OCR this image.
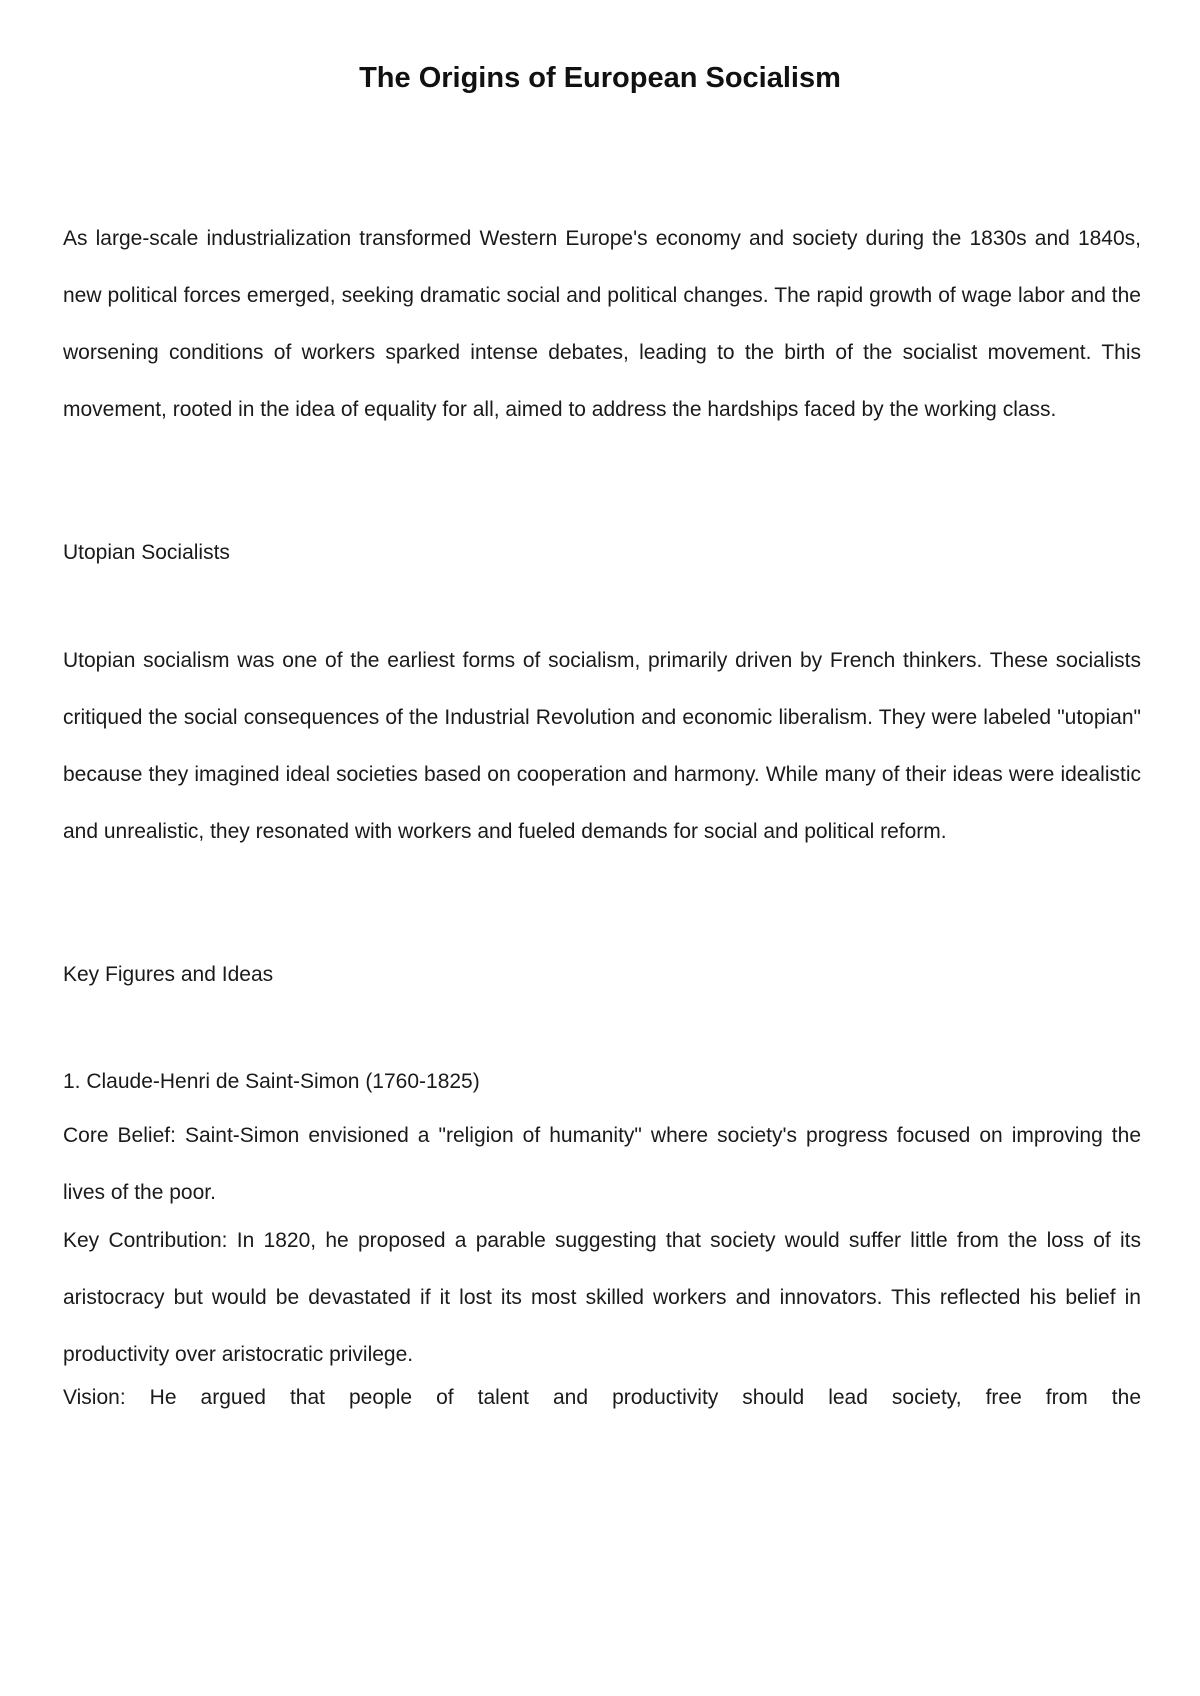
The Origins of European Socialism

As large-scale industrialization transformed Western Europe's economy and society during the 1830s and 1840s, new political forces emerged, seeking dramatic social and political changes. The rapid growth of wage labor and the worsening conditions of workers sparked intense debates, leading to the birth of the socialist movement. This movement, rooted in the idea of equality for all, aimed to address the hardships faced by the working class.

Utopian Socialists

Utopian socialism was one of the earliest forms of socialism, primarily driven by French thinkers. These socialists critiqued the social consequences of the Industrial Revolution and economic liberalism. They were labeled "utopian" because they imagined ideal societies based on cooperation and harmony. While many of their ideas were idealistic and unrealistic, they resonated with workers and fueled demands for social and political reform.

Key Figures and Ideas

1. Claude-Henri de Saint-Simon (1760-1825)

Core Belief: Saint-Simon envisioned a "religion of humanity" where society's progress focused on improving the lives of the poor.

Key Contribution: In 1820, he proposed a parable suggesting that society would suffer little from the loss of its aristocracy but would be devastated if it lost its most skilled workers and innovators. This reflected his belief in productivity over aristocratic privilege.

Vision: He argued that people of talent and productivity should lead society, free from the
